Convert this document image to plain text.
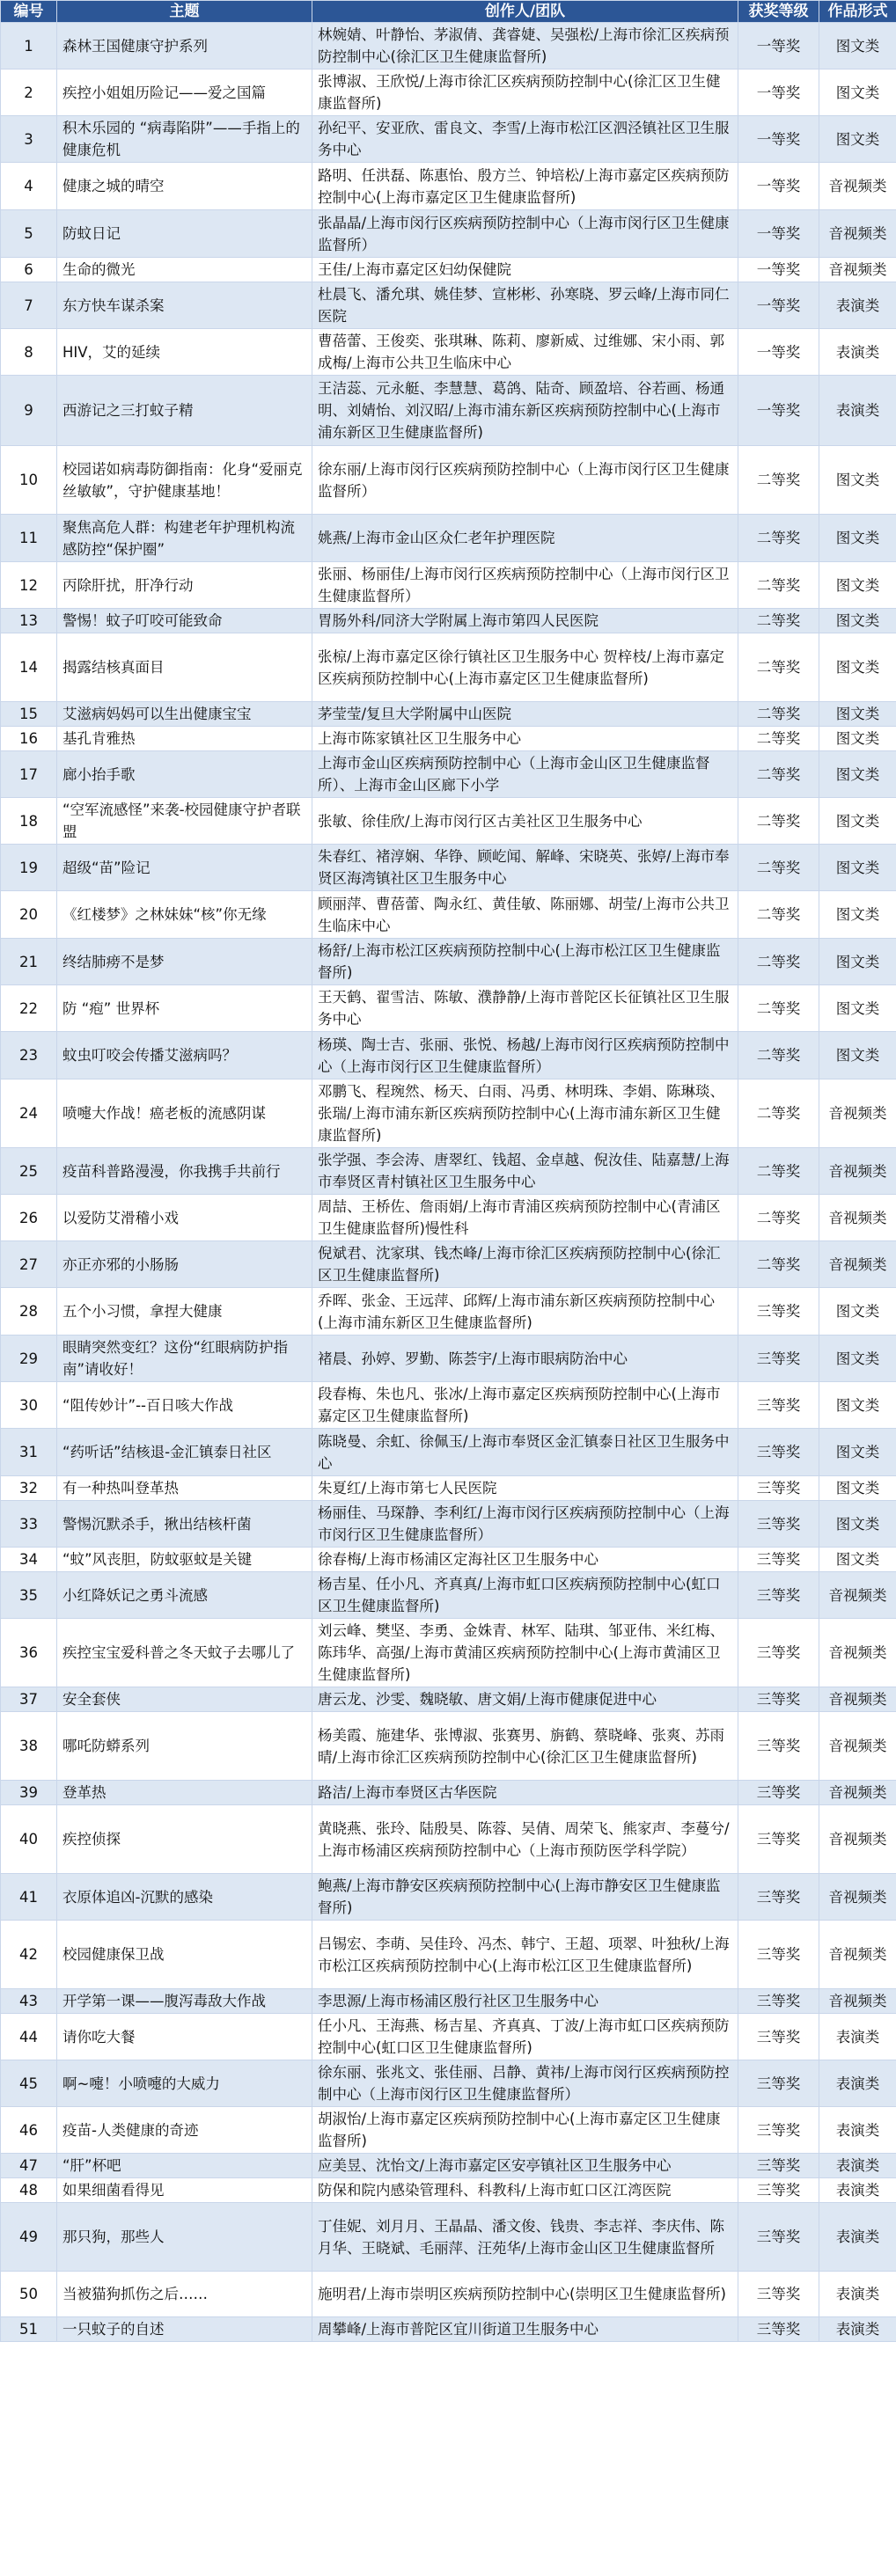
编号	主题	创作人/团队	获奖等级	作品形式
1	森林王国健康守护系列	林婉婧、叶静怡、茅淑倩、龚睿婕、吴强松/上海市徐汇区疾病预防控制中心(徐汇区卫生健康监督所)	一等奖	图文类
2	疾控小姐姐历险记——爱之国篇	张博淑、王欣悦/上海市徐汇区疾病预防控制中心(徐汇区卫生健康监督所)	一等奖	图文类
3	积木乐园的 “病毒陷阱”——手指上的健康危机	孙纪平、安亚欣、雷良文、李雪/上海市松江区泗泾镇社区卫生服务中心	一等奖	图文类
4	健康之城的晴空	路明、任洪磊、陈惠怡、殷方兰、钟培松/上海市嘉定区疾病预防控制中心(上海市嘉定区卫生健康监督所)	一等奖	音视频类
5	防蚊日记	张晶晶/上海市闵行区疾病预防控制中心（上海市闵行区卫生健康监督所）	一等奖	音视频类
6	生命的微光	王佳/上海市嘉定区妇幼保健院	一等奖	音视频类
7	东方快车谋杀案	杜晨飞、潘允琪、姚佳梦、宣彬彬、孙寒晓、罗云峰/上海市同仁医院	一等奖	表演类
8	HIV，艾的延续	曹蓓蕾、王俊奕、张琪琳、陈莉、廖新威、过维娜、宋小雨、郭成梅/上海市公共卫生临床中心	一等奖	表演类
9	西游记之三打蚊子精	王洁蕊、元永艇、李慧慧、葛鸽、陆奇、顾盈培、谷若画、杨通明、刘婧怡、刘汉昭/上海市浦东新区疾病预防控制中心(上海市浦东新区卫生健康监督所)	一等奖	表演类
10	校园诺如病毒防御指南：化身“爱丽克丝敏敏”，守护健康基地！	徐东丽/上海市闵行区疾病预防控制中心（上海市闵行区卫生健康监督所）	二等奖	图文类
11	聚焦高危人群：构建老年护理机构流感防控“保护圈”	姚燕/上海市金山区众仁老年护理医院	二等奖	图文类
12	丙除肝扰，肝净行动	张丽、杨丽佳/上海市闵行区疾病预防控制中心（上海市闵行区卫生健康监督所）	二等奖	图文类
13	警惕！蚊子叮咬可能致命	胃肠外科/同济大学附属上海市第四人民医院	二等奖	图文类
14	揭露结核真面目	张椋/上海市嘉定区徐行镇社区卫生服务中心 贺梓枝/上海市嘉定区疾病预防控制中心(上海市嘉定区卫生健康监督所)	二等奖	图文类
15	艾滋病妈妈可以生出健康宝宝	茅莹莹/复旦大学附属中山医院	二等奖	图文类
16	基孔肯雅热	上海市陈家镇社区卫生服务中心	二等奖	图文类
17	廊小抬手歌	上海市金山区疾病预防控制中心（上海市金山区卫生健康监督所）、上海市金山区廊下小学	二等奖	图文类
18	“空军流感怪”来袭-校园健康守护者联盟	张敏、徐佳欣/上海市闵行区古美社区卫生服务中心	二等奖	图文类
19	超级“苗”险记	朱春红、褚淳娴、华铮、顾屹闻、解峰、宋晓英、张婷/上海市奉贤区海湾镇社区卫生服务中心	二等奖	图文类
20	《红楼梦》之林妹妹“核”你无缘	顾丽萍、曹蓓蕾、陶永红、黄佳敏、陈丽娜、胡莹/上海市公共卫生临床中心	二等奖	图文类
21	终结肺痨不是梦	杨舒/上海市松江区疾病预防控制中心(上海市松江区卫生健康监督所)	二等奖	图文类
22	防 “疱” 世界杯	王天鹤、翟雪洁、陈敏、濮静静/上海市普陀区长征镇社区卫生服务中心	二等奖	图文类
23	蚊虫叮咬会传播艾滋病吗？	杨瑛、陶士吉、张丽、张悦、杨越/上海市闵行区疾病预防控制中心（上海市闵行区卫生健康监督所）	二等奖	图文类
24	喷嚏大作战！癌老板的流感阴谋	邓鹏飞、程琬然、杨天、白雨、冯勇、林明珠、李娟、陈琳琰、张瑞/上海市浦东新区疾病预防控制中心(上海市浦东新区卫生健康监督所)	二等奖	音视频类
25	疫苗科普路漫漫，你我携手共前行	张学强、李会涛、唐翠红、钱超、金卓越、倪汝佳、陆嘉慧/上海市奉贤区青村镇社区卫生服务中心	二等奖	音视频类
26	以爱防艾滑稽小戏	周喆、王桥佐、詹雨娟/上海市青浦区疾病预防控制中心(青浦区卫生健康监督所)慢性科	二等奖	音视频类
27	亦正亦邪的小肠肠	倪斌君、沈家琪、钱杰峰/上海市徐汇区疾病预防控制中心(徐汇区卫生健康监督所)	二等奖	音视频类
28	五个小习惯，拿捏大健康	乔晖、张金、王远萍、邱辉/上海市浦东新区疾病预防控制中心(上海市浦东新区卫生健康监督所)	三等奖	图文类
29	眼睛突然变红？这份“红眼病防护指南”请收好！	褚晨、孙婷、罗勤、陈荟宇/上海市眼病防治中心	三等奖	图文类
30	“阻传妙计”--百日咳大作战	段春梅、朱也凡、张冰/上海市嘉定区疾病预防控制中心(上海市嘉定区卫生健康监督所)	三等奖	图文类
31	“药听话”结核退-金汇镇泰日社区	陈晓曼、余虹、徐佩玉/上海市奉贤区金汇镇泰日社区卫生服务中心	三等奖	图文类
32	有一种热叫登革热	朱夏红/上海市第七人民医院	三等奖	图文类
33	警惕沉默杀手，揪出结核杆菌	杨丽佳、马琛静、李利红/上海市闵行区疾病预防控制中心（上海市闵行区卫生健康监督所）	三等奖	图文类
34	“蚊”风丧胆，防蚊驱蚊是关键	徐春梅/上海市杨浦区定海社区卫生服务中心	三等奖	图文类
35	小红降妖记之勇斗流感	杨吉星、任小凡、齐真真/上海市虹口区疾病预防控制中心(虹口区卫生健康监督所)	三等奖	音视频类
36	疾控宝宝爱科普之冬天蚊子去哪儿了	刘云峰、樊坚、李勇、金姝青、林军、陆琪、邹亚伟、米红梅、陈玮华、高强/上海市黄浦区疾病预防控制中心(上海市黄浦区卫生健康监督所)	三等奖	音视频类
37	安全套侠	唐云龙、沙雯、魏晓敏、唐文娟/上海市健康促进中心	三等奖	音视频类
38	哪吒防蟒系列	杨美霞、施建华、张博淑、张赛男、旃鹤、蔡晓峰、张爽、苏雨晴/上海市徐汇区疾病预防控制中心(徐汇区卫生健康监督所)	三等奖	音视频类
39	登革热	路洁/上海市奉贤区古华医院	三等奖	音视频类
40	疾控侦探	黄晓燕、张玲、陆殷昊、陈蓉、吴倩、周荣飞、熊家声、李蔓兮/上海市杨浦区疾病预防控制中心（上海市预防医学科学院）	三等奖	音视频类
41	衣原体追凶-沉默的感染	鲍燕/上海市静安区疾病预防控制中心(上海市静安区卫生健康监督所)	三等奖	音视频类
42	校园健康保卫战	吕锡宏、李萌、吴佳玲、冯杰、韩宁、王超、项翠、叶独秋/上海市松江区疾病预防控制中心(上海市松江区卫生健康监督所)	三等奖	音视频类
43	开学第一课——腹泻毒敌大作战	李思源/上海市杨浦区殷行社区卫生服务中心	三等奖	音视频类
44	请你吃大餐	任小凡、王海燕、杨吉星、齐真真、丁波/上海市虹口区疾病预防控制中心(虹口区卫生健康监督所)	三等奖	表演类
45	啊~嚏！小喷嚏的大威力	徐东丽、张兆文、张佳丽、吕静、黄祎/上海市闵行区疾病预防控制中心（上海市闵行区卫生健康监督所）	三等奖	表演类
46	疫苗-人类健康的奇迹	胡淑怡/上海市嘉定区疾病预防控制中心(上海市嘉定区卫生健康监督所)	三等奖	表演类
47	“肝”杯吧	应美昱、沈怡文/上海市嘉定区安亭镇社区卫生服务中心	三等奖	表演类
48	如果细菌看得见	防保和院内感染管理科、科教科/上海市虹口区江湾医院	三等奖	表演类
49	那只狗，那些人	丁佳妮、刘月月、王晶晶、潘文俊、钱贵、李志祥、李庆伟、陈月华、王晓斌、毛丽萍、汪苑华/上海市金山区卫生健康监督所	三等奖	表演类
50	当被猫狗抓伤之后……	施明君/上海市崇明区疾病预防控制中心(崇明区卫生健康监督所)	三等奖	表演类
51	一只蚊子的自述	周攀峰/上海市普陀区宜川街道卫生服务中心	三等奖	表演类
